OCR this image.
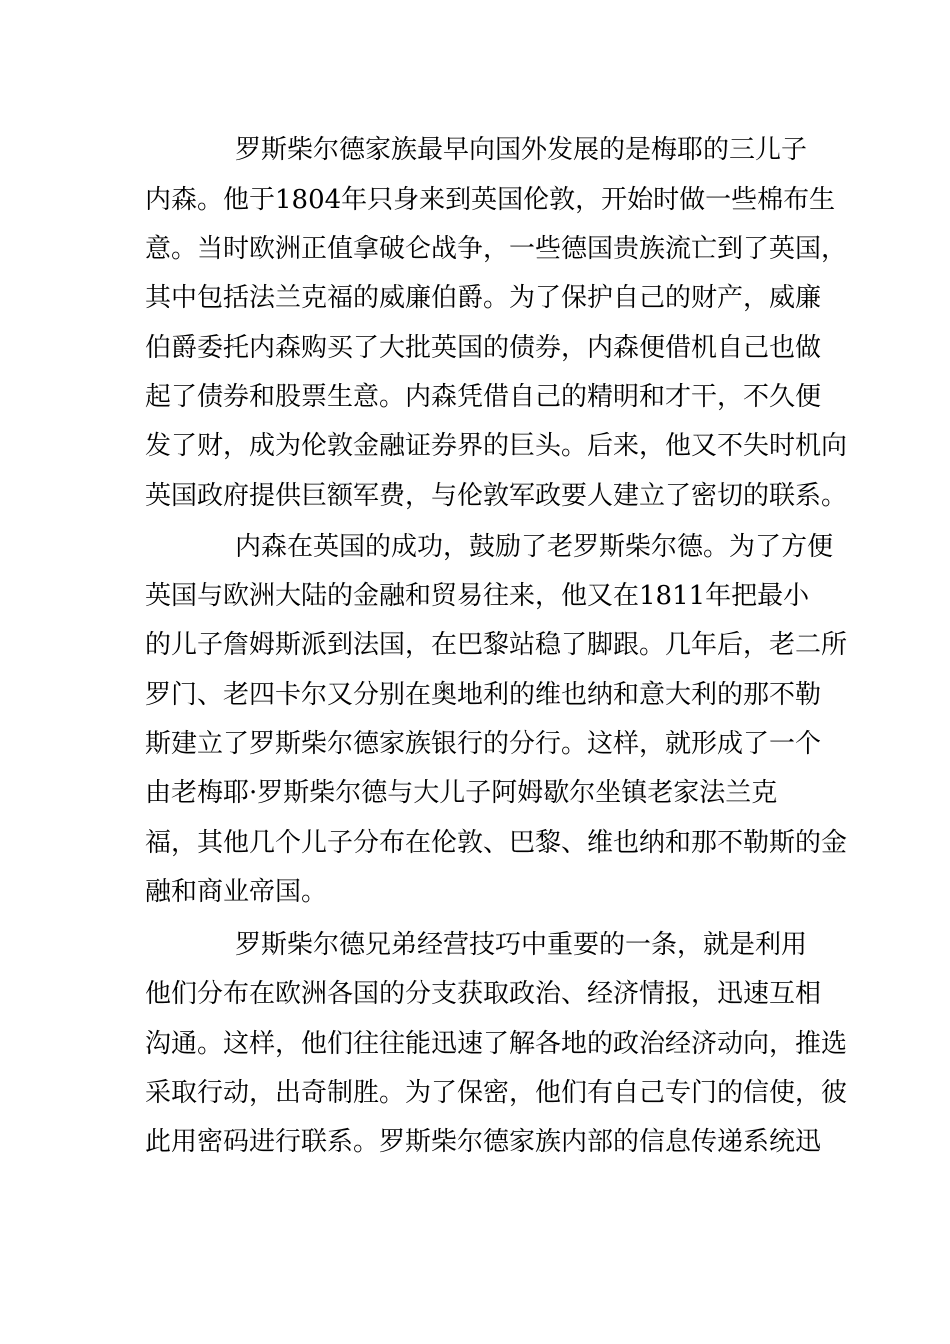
罗斯柴尔德家族最早向国外发展的是梅耶的三儿子
内森。他于1804年只身来到英国伦敦，开始时做一些棉布生
意。当时欧洲正值拿破仑战争，一些德国贵族流亡到了英国，
其中包括法兰克福的威廉伯爵。为了保护自己的财产，威廉
伯爵委托内森购买了大批英国的债券，内森便借机自己也做
起了债券和股票生意。内森凭借自己的精明和才干，不久便
发了财，成为伦敦金融证券界的巨头。后来，他又不失时机向
英国政府提供巨额军费，与伦敦军政要人建立了密切的联系。
内森在英国的成功，鼓励了老罗斯柴尔德。为了方便
英国与欧洲大陆的金融和贸易往来，他又在1811年把最小
的儿子詹姆斯派到法国，在巴黎站稳了脚跟。几年后，老二所
罗门、老四卡尔又分别在奥地利的维也纳和意大利的那不勒
斯建立了罗斯柴尔德家族银行的分行。这样，就形成了一个
由老梅耶·罗斯柴尔德与大儿子阿姆歇尔坐镇老家法兰克
福，其他几个儿子分布在伦敦、巴黎、维也纳和那不勒斯的金
融和商业帝国。
罗斯柴尔德兄弟经营技巧中重要的一条，就是利用
他们分布在欧洲各国的分支获取政治、经济情报，迅速互相
沟通。这样，他们往往能迅速了解各地的政治经济动向，推选
采取行动，出奇制胜。为了保密，他们有自己专门的信使，彼
此用密码进行联系。罗斯柴尔德家族内部的信息传递系统迅
